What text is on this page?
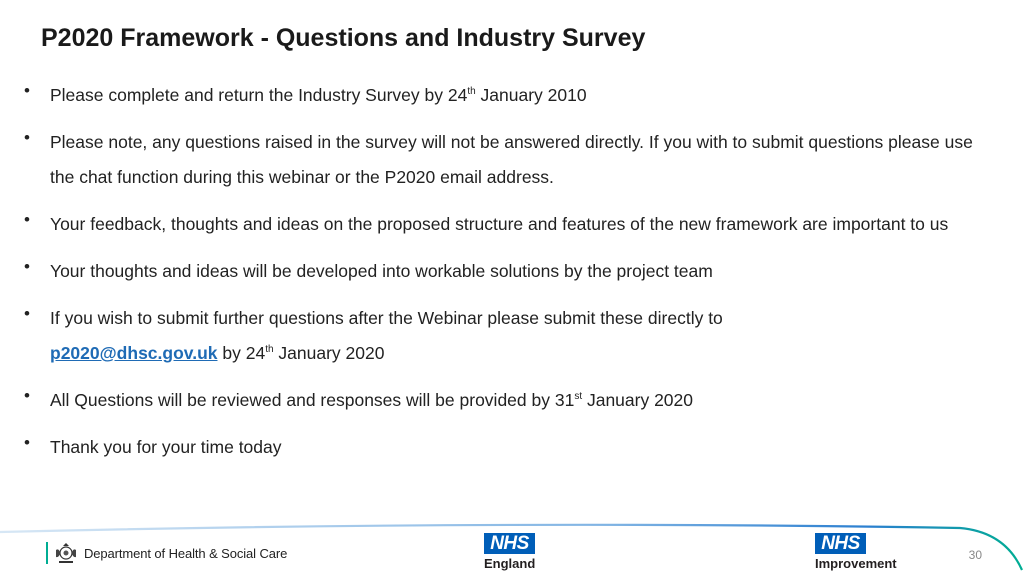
P2020 Framework - Questions and Industry Survey
• Please complete and return the Industry Survey by 24th January 2010
• Please note, any questions raised in the survey will not be answered directly. If you with to submit questions please use the chat function during this webinar or the P2020 email address.
• Your feedback, thoughts and ideas on the proposed structure and features of the new framework are important to us
• Your thoughts and ideas will be developed into workable solutions by the project team
• If you wish to submit further questions after the Webinar please submit these directly to
p2020@dhsc.gov.uk by 24th January 2020
• All Questions will be reviewed and responses will be provided by 31st January 2020
• Thank you for your time today
Department of Health & Social Care	NHS
England
NHS
Improvement
30
